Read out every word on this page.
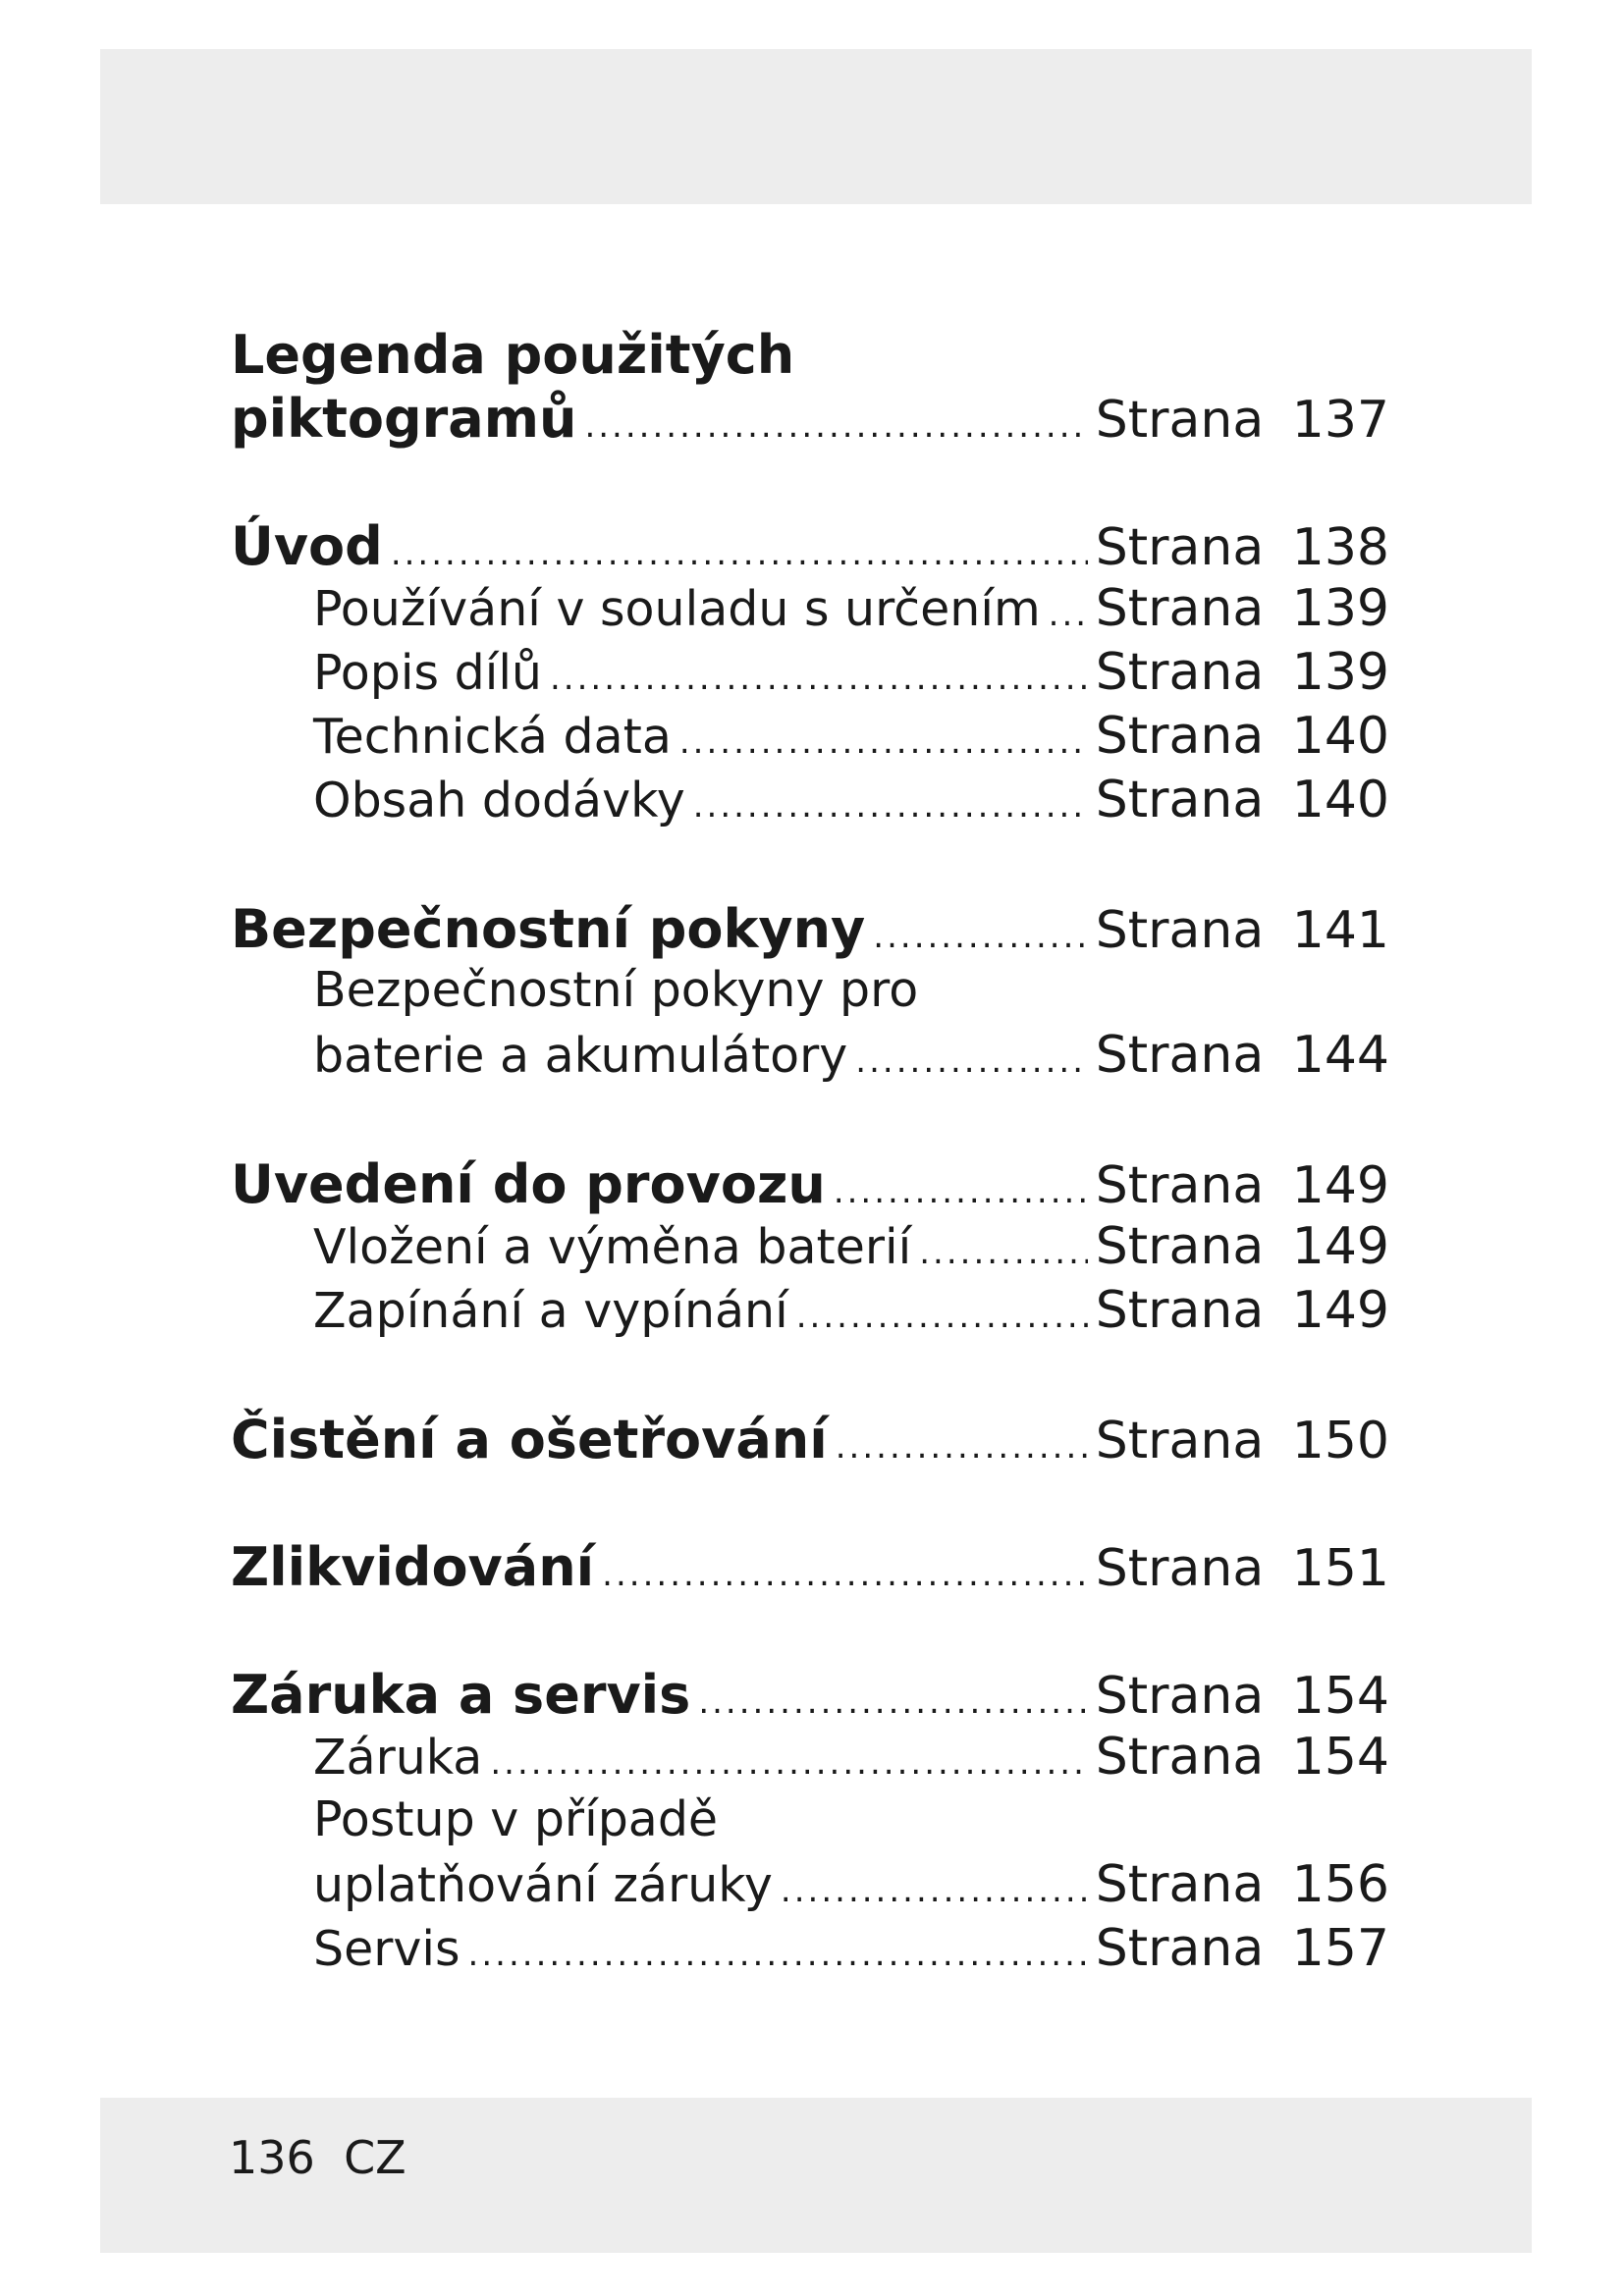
Legenda použitých
piktogramů .....	Strana 137
Úvod .....	Strana 138
Používání v souladu s určením ..... Strana 139
Popis dílů .....	Strana 139
Technická data .....	Strana 140
Obsah dodávky .....	Strana 140
Bezpečnostní pokyny .....	Strana 141
Bezpečnostní pokyny pro
baterie a akumulátory .....	Strana 144
Uvedení do provozu .....	Strana 149
Vložení a výměna baterií .....	Strana 149
Zapínání a vypínání .....	Strana 149
Čistění a ošetřování .....	Strana 150
Zlikvidování .....	Strana 151
Záruka a servis .....	Strana 154
Záruka .....	Strana 154
Postup v případě
uplatňování záruky .....	Strana 156
Servis .....	Strana 157
136 CZ
